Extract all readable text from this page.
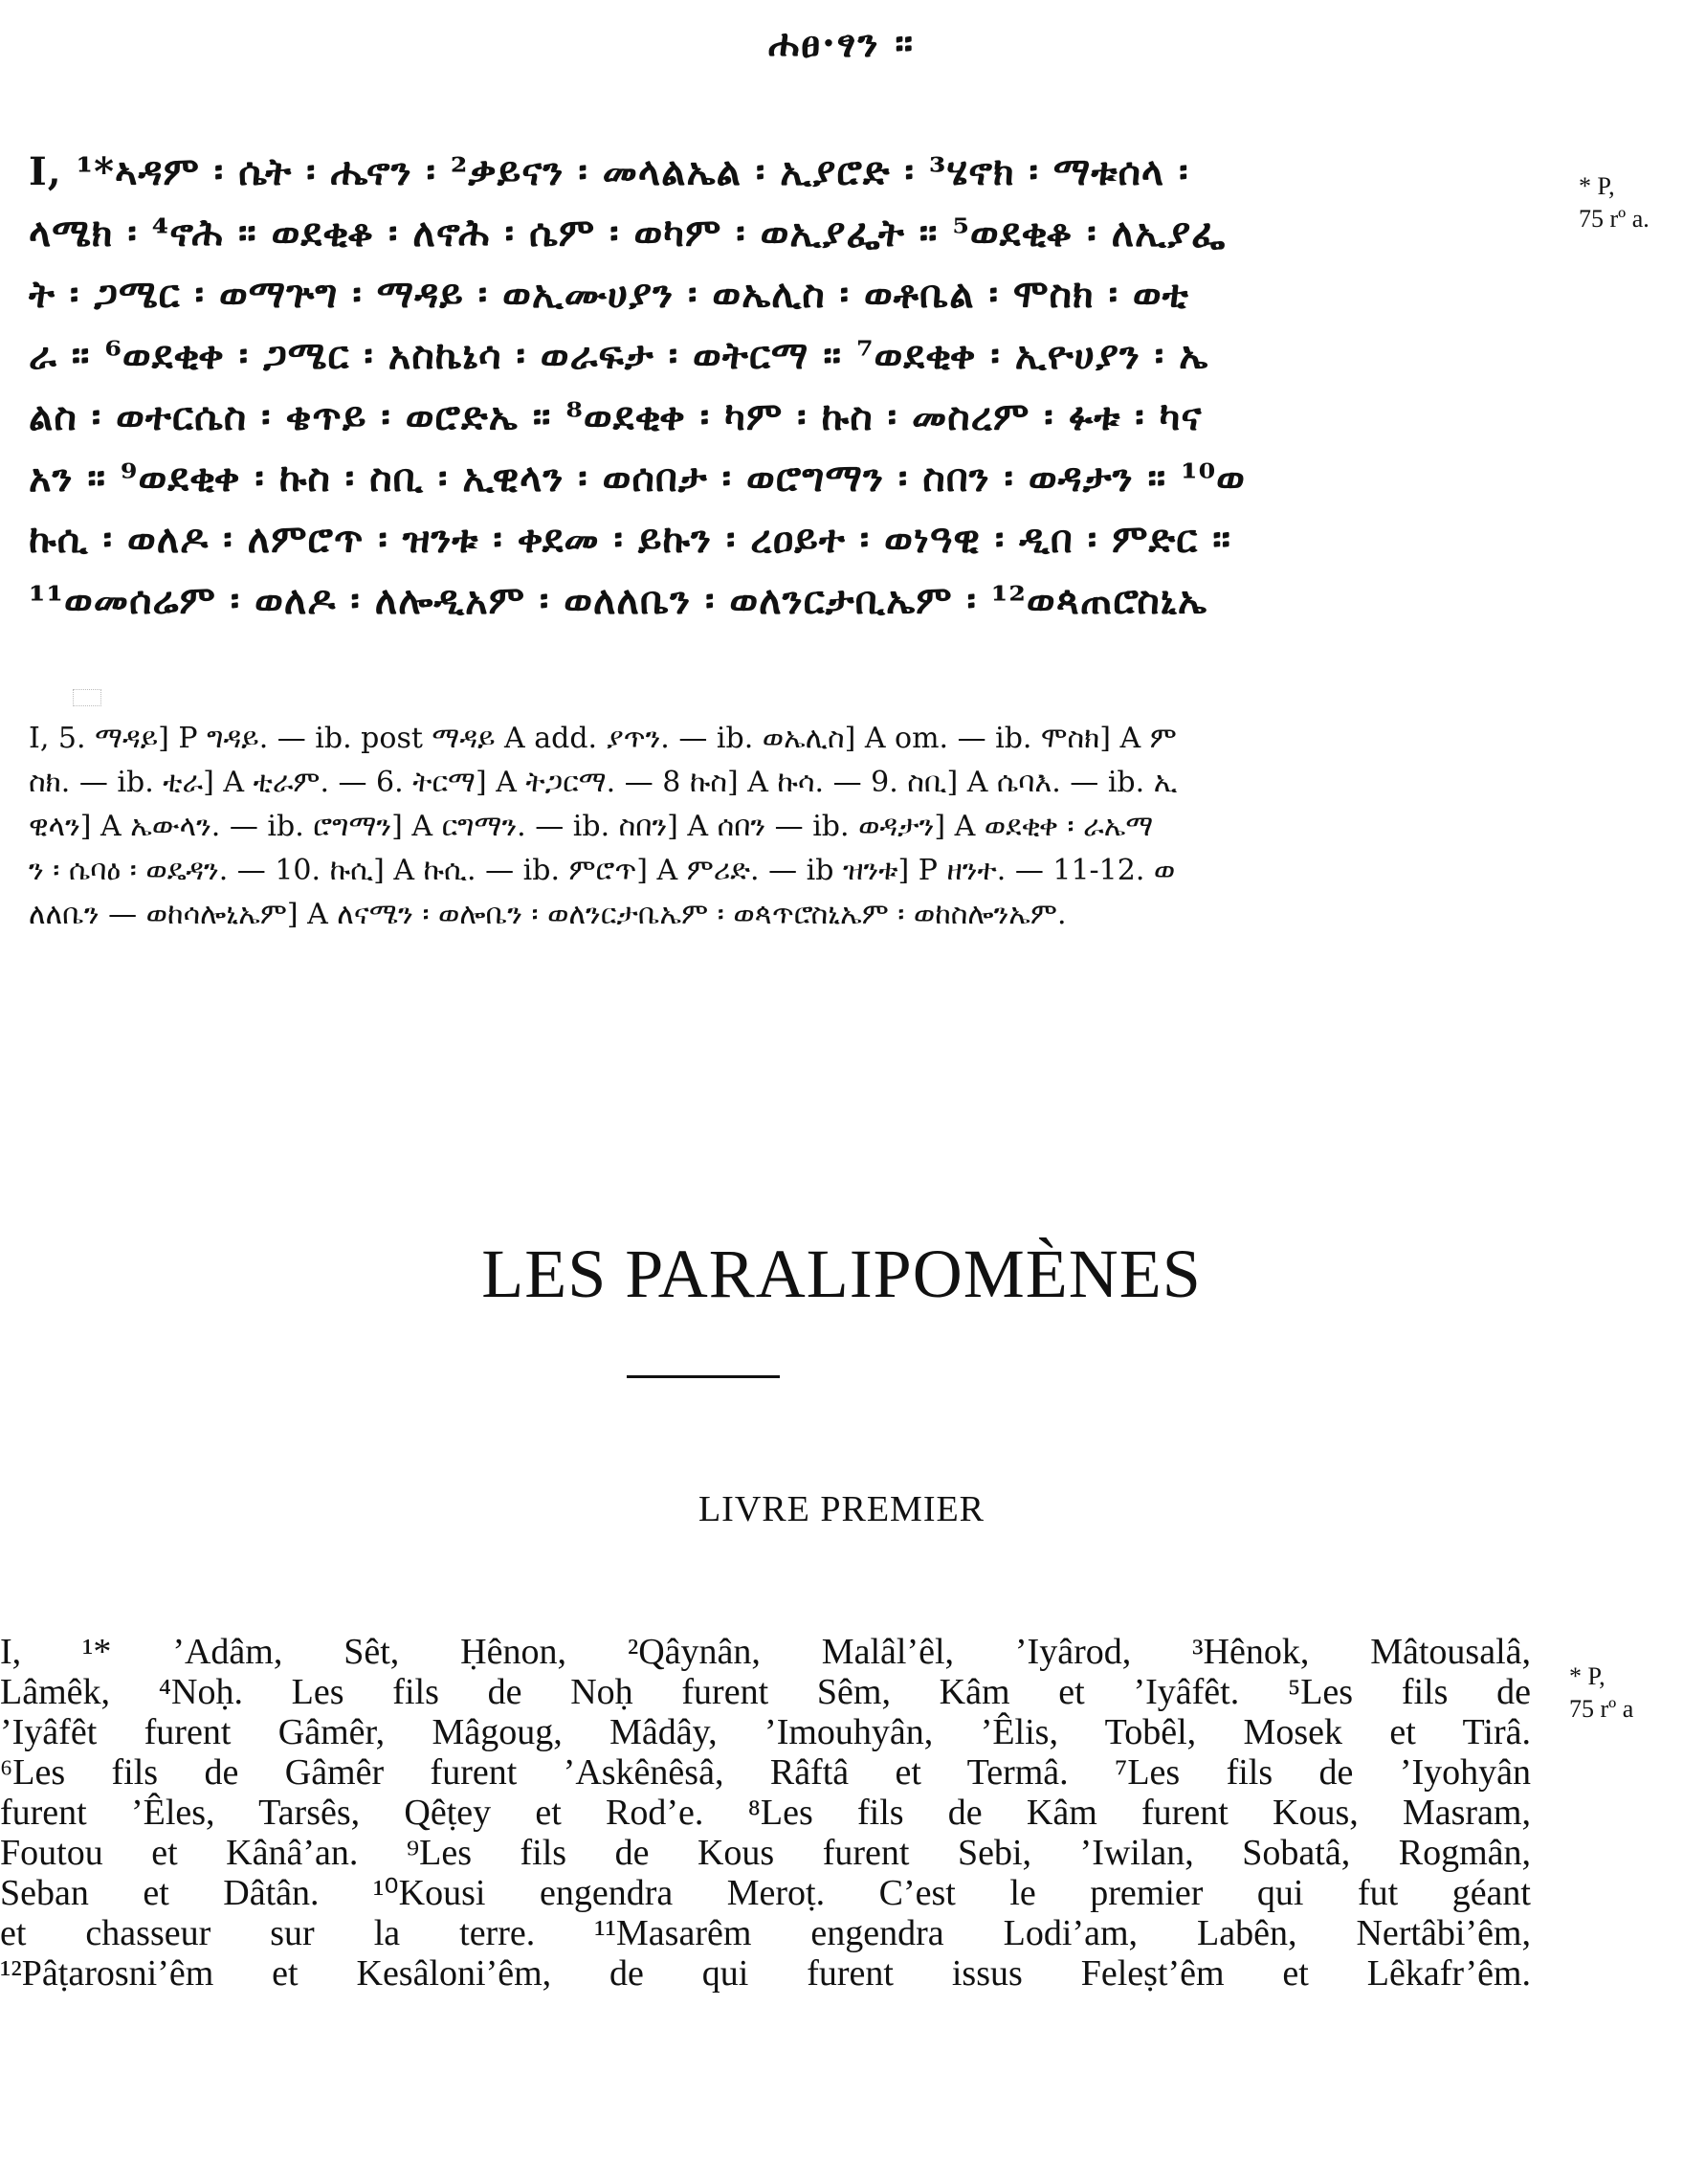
ሐፀ·ፃን ።
I, ¹*ኣዳም ፡ ሴት ፡ ሔኖን ፡ ²ቃይናን ፡ መላልኤል ፡ ኢያሮድ ፡ ³ሄኖክ ፡ ማቱሰላ ፡
ላሜክ ፡ ⁴ኖሕ ። ወደቂቆ ፡ ለኖሕ ፡ ሴም ፡ ወካም ፡ ወኢያፌት ። ⁵ወደቂቆ ፡ ለኢያፌ
ት ፡ ጋሜር ፡ ወማጕግ ፡ ማዳይ ፡ ወኢሙሀያን ፡ ወኤሊስ ፡ ወቶቤል ፡ ሞስክ ፡ ወቲ
ራ ። ⁶ወደቂቀ ፡ ጋሜር ፡ አስኬኔሳ ፡ ወራፍታ ፡ ወትርማ ። ⁷ወደቂቀ ፡ ኢዮሀያን ፡ ኤ
ልስ ፡ ወተርሴስ ፡ ቄጥይ ፡ ወሮድኤ ። ⁸ወደቂቀ ፡ ካም ፡ ኩስ ፡ መስረም ፡ ፉቱ ፡ ካና
አን ። ⁹ወደቂቀ ፡ ኩስ ፡ ስቢ ፡ ኢዊላን ፡ ወሰበታ ፡ ወሮግማን ፡ ስበን ፡ ወዳታን ። ¹⁰ወ
ኩሲ ፡ ወለዶ ፡ ለምሮጥ ፡ ዝንቱ ፡ ቀደመ ፡ ይኩን ፡ ረዐይተ ፡ ወነዓዊ ፡ ዲበ ፡ ምድር ።
¹¹ወመሰሬም ፡ ወለዶ ፡ ለሎዲአም ፡ ወለለቤን ፡ ወለንርታቢኤም ፡ ¹²ወጳጠሮስኒኤ
* P,
75 rº a.
I, 5. ማዳይ] P ግዳይ. — ib. post ማዳይ A add. ያጥን. — ib. ወኤሊስ] A om. — ib. ሞስክ] A ም
ስክ. — ib. ቲራ] A ቲራም. — 6. ትርማ] A ትጋርማ. — 8 ኩስ] A ኩሳ. — 9. ስቢ] A ሴባእ. — ib. ኢ
ዊላን] A ኤውላን. — ib. ሮግማን] A ርግማን. — ib. ስበን] A ሰበን — ib. ወዳታን] A ወደቂቀ ፡ ራኤማ
ን ፡ ሴባዕ ፡ ወዴዳን. — 10. ኩሲ] A ኩሲ. — ib. ምሮጥ] A ምሪድ. — ib ዝንቱ] P ዘንተ. — 11-12. ወ
ለለቤን — ወከሳሎኒኤም] A ለናሜን ፡ ወሎቤን ፡ ወለንርታቤኤም ፡ ወጳጥሮስኒኤም ፡ ወከስሎንኤም.
LES PARALIPOMÈNES
LIVRE PREMIER
I, ¹* ’Adâm, Sêt, Ḥênon, ²Qâynân, Malâl’êl, ’Iyârod, ³Hênok, Mâtousalâ,
Lâmêk, ⁴Noḥ. Les fils de Noḥ furent Sêm, Kâm et ’Iyâfêt. ⁵Les fils de
’Iyâfêt furent Gâmêr, Mâgoug, Mâdây, ’Imouhyân, ’Êlis, Tobêl, Mosek et Tirâ.
⁶Les fils de Gâmêr furent ’Askênêsâ, Râftâ et Termâ. ⁷Les fils de ’Iyohyân
furent ’Êles, Tarsês, Qêṭey et Rod’e. ⁸Les fils de Kâm furent Kous, Masram,
Foutou et Kânâ’an. ⁹Les fils de Kous furent Sebi, ’Iwilan, Sobatâ, Rogmân,
Seban et Dâtân. ¹⁰Kousi engendra Meroṭ. C’est le premier qui fut géant
et chasseur sur la terre. ¹¹Masarêm engendra Lodi’am, Labên, Nertâbi’êm,
¹²Pâṭarosni’êm et Kesâloni’êm, de qui furent issus Feleṣt’êm et Lêkafr’êm.
* P,
75 rº a
